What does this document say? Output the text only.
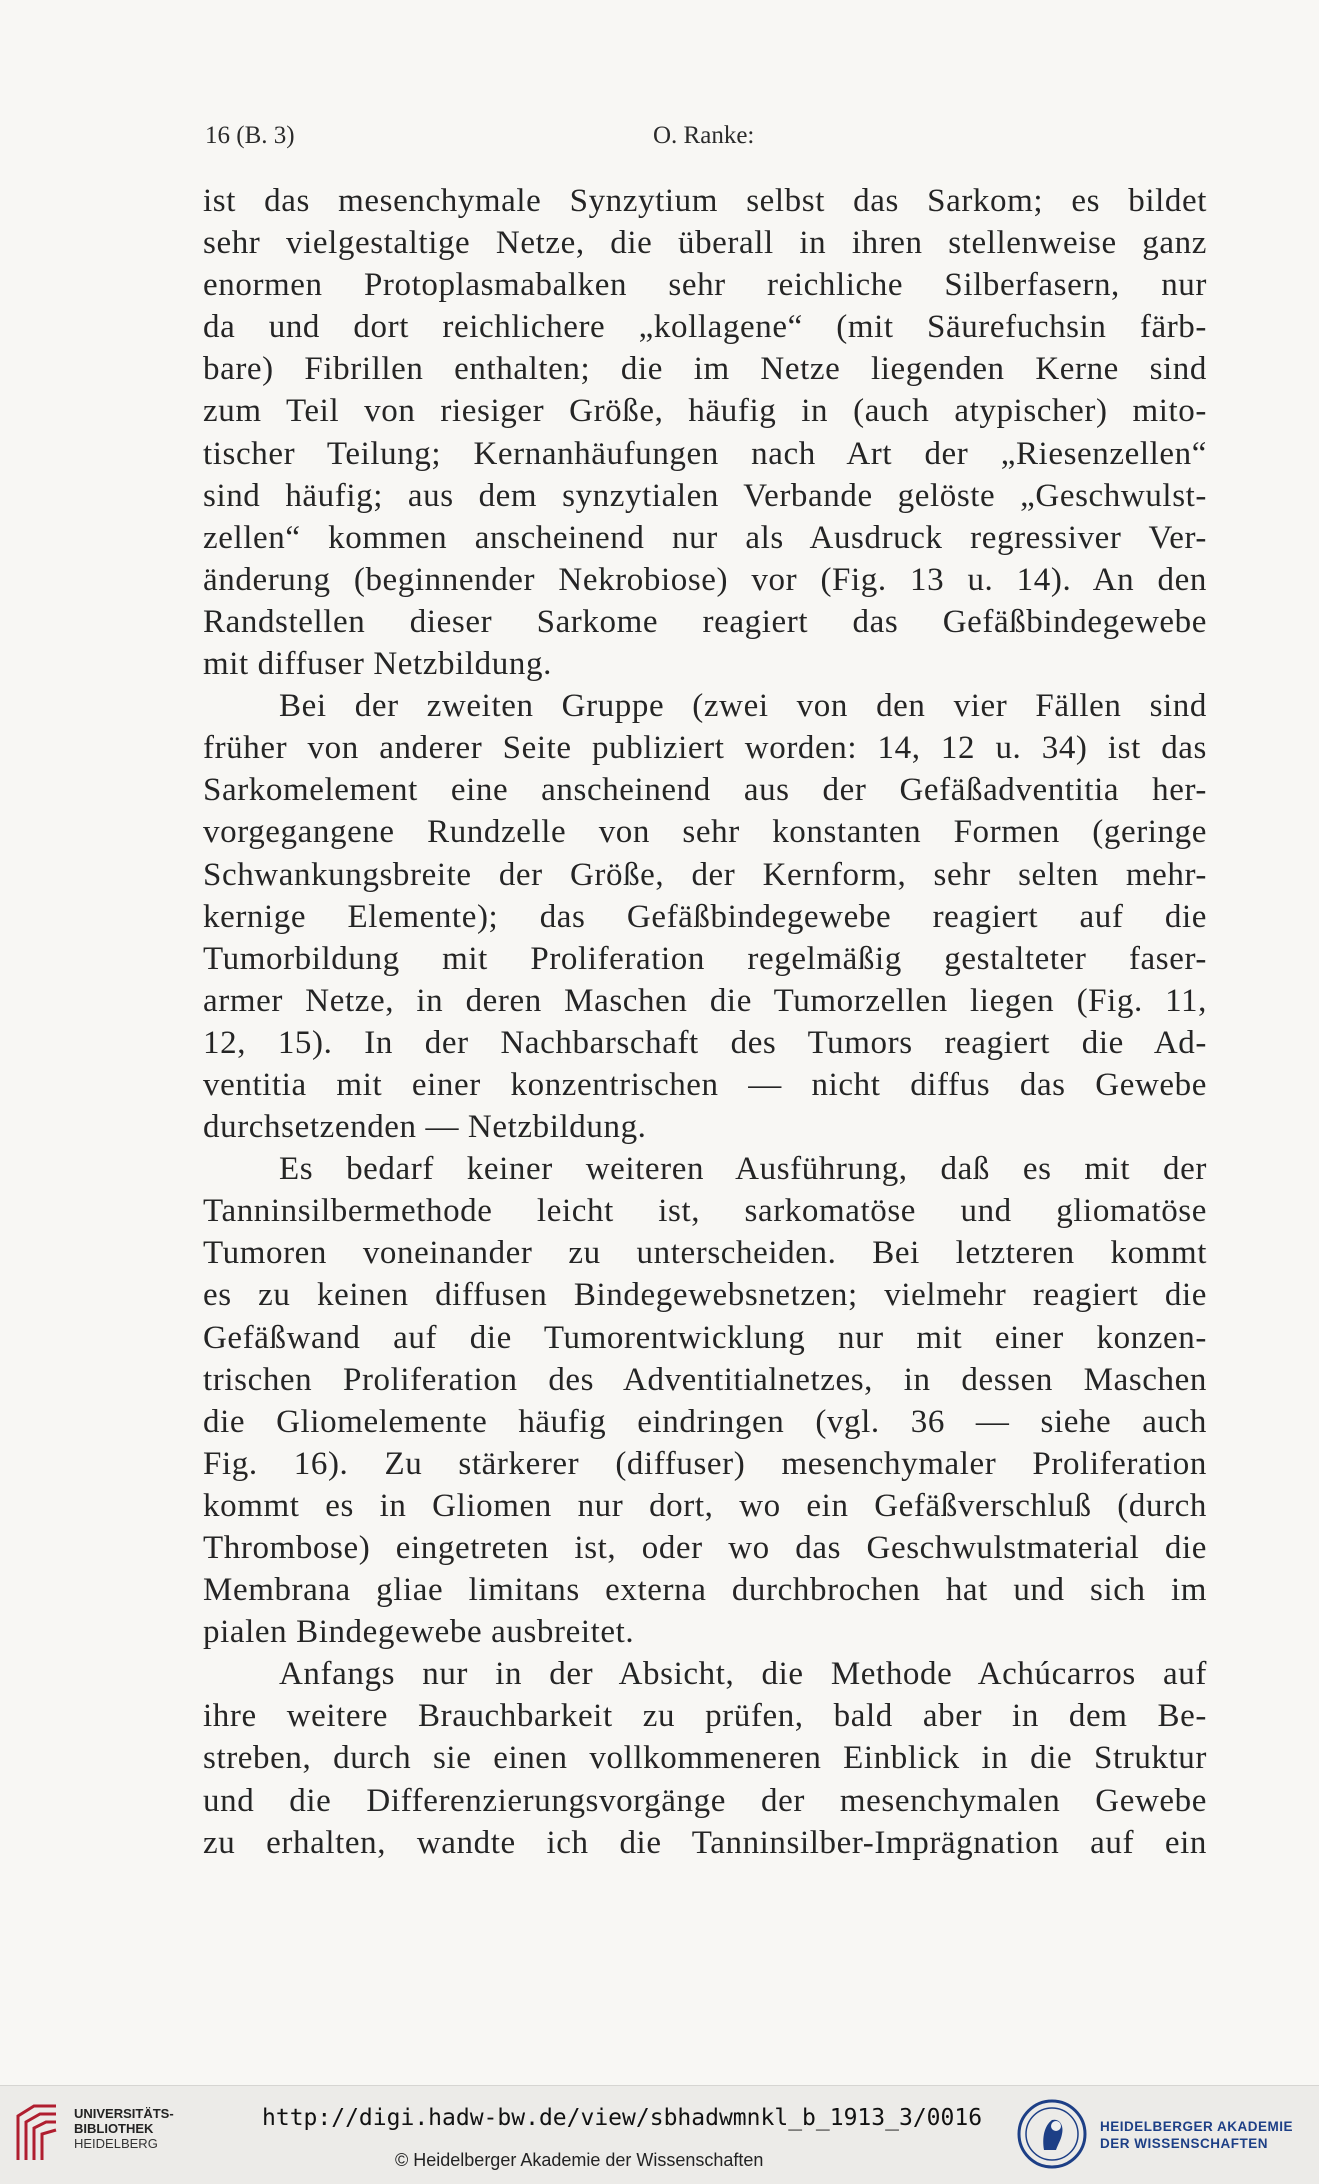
16 (B. 3)	O. Ranke:
ist das mesenchymale Synzytium selbst das Sarkom; es bildet
sehr vielgestaltige Netze, die überall in ihren stellenweise ganz
enormen Protoplasmabalken sehr reichliche Silberfasern, nur
da und dort reichlichere „kollagene“ (mit Säurefuchsin färb-
bare) Fibrillen enthalten; die im Netze liegenden Kerne sind
zum Teil von riesiger Größe, häufig in (auch atypischer) mito-
tischer Teilung; Kernanhäufungen nach Art der „Riesenzellen“
sind häufig; aus dem synzytialen Verbande gelöste „Geschwulst-
zellen“ kommen anscheinend nur als Ausdruck regressiver Ver-
änderung (beginnender Nekrobiose) vor (Fig. 13 u. 14). An den
Randstellen dieser Sarkome reagiert das Gefäßbindegewebe
mit diffuser Netzbildung.
Bei der zweiten Gruppe (zwei von den vier Fällen sind
früher von anderer Seite publiziert worden: 14, 12 u. 34) ist das
Sarkomelement eine anscheinend aus der Gefäßadventitia her-
vorgegangene Rundzelle von sehr konstanten Formen (geringe
Schwankungsbreite der Größe, der Kernform, sehr selten mehr-
kernige Elemente); das Gefäßbindegewebe reagiert auf die
Tumorbildung mit Proliferation regelmäßig gestalteter faser-
armer Netze, in deren Maschen die Tumorzellen liegen (Fig. 11,
12, 15). In der Nachbarschaft des Tumors reagiert die Ad-
ventitia mit einer konzentrischen — nicht diffus das Gewebe
durchsetzenden — Netzbildung.
Es bedarf keiner weiteren Ausführung, daß es mit der
Tanninsilbermethode leicht ist, sarkomatöse und gliomatöse
Tumoren voneinander zu unterscheiden. Bei letzteren kommt
es zu keinen diffusen Bindegewebsnetzen; vielmehr reagiert die
Gefäßwand auf die Tumorentwicklung nur mit einer konzen-
trischen Proliferation des Adventitialnetzes, in dessen Maschen
die Gliomelemente häufig eindringen (vgl. 36 — siehe auch
Fig. 16). Zu stärkerer (diffuser) mesenchymaler Proliferation
kommt es in Gliomen nur dort, wo ein Gefäßverschluß (durch
Thrombose) eingetreten ist, oder wo das Geschwulstmaterial die
Membrana gliae limitans externa durchbrochen hat und sich im
pialen Bindegewebe ausbreitet.
Anfangs nur in der Absicht, die Methode Achúcarros auf
ihre weitere Brauchbarkeit zu prüfen, bald aber in dem Be-
streben, durch sie einen vollkommeneren Einblick in die Struktur
und die Differenzierungsvorgänge der mesenchymalen Gewebe
zu erhalten, wandte ich die Tanninsilber-Imprägnation auf ein
UNIVERSITÄTS-
BIBLIOTHEK
HEIDELBERG
http://digi.hadw-bw.de/view/sbhadwmnkl_b_1913_3/0016
© Heidelberger Akademie der Wissenschaften
HEIDELBERGER AKADEMIE
DER WISSENSCHAFTEN
